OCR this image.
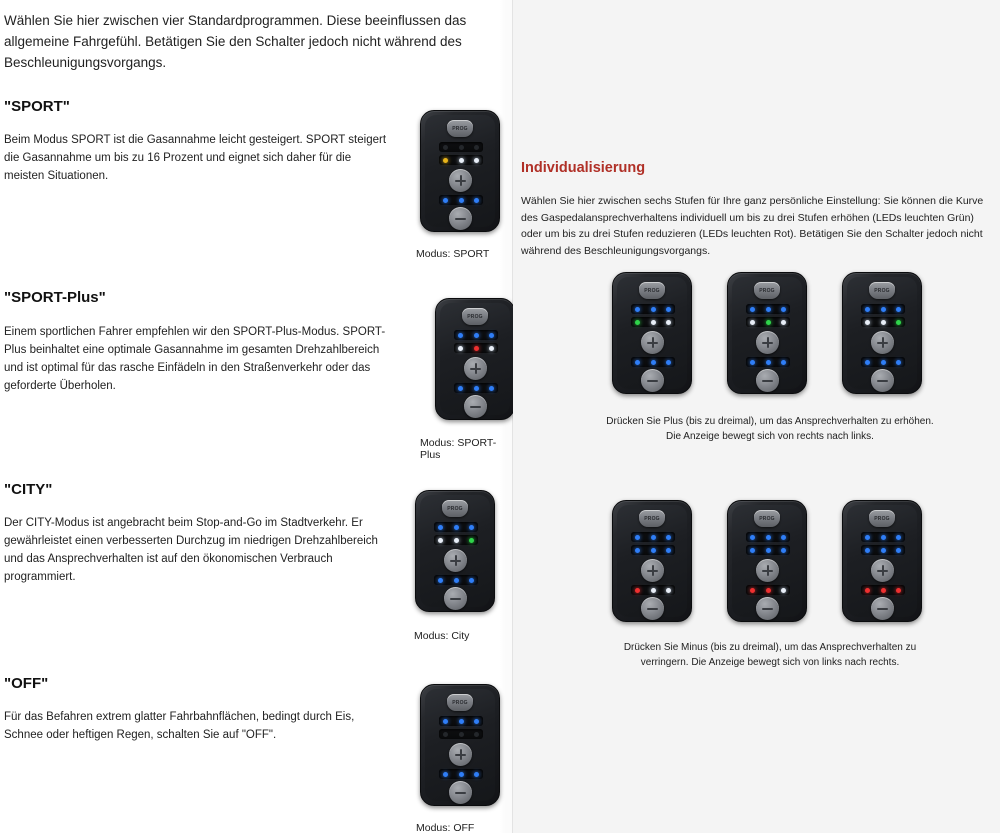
Wählen Sie hier zwischen vier Standardprogrammen. Diese beeinflussen das allgemeine Fahrgefühl. Betätigen Sie den Schalter jedoch nicht während des Beschleunigungsvorgangs.
"SPORT"
Beim Modus SPORT ist die Gasannahme leicht gesteigert. SPORT steigert die Gasannahme um bis zu 16 Prozent und eignet sich daher für die meisten Situationen.
"SPORT-Plus"
Einem sportlichen Fahrer empfehlen wir den SPORT-Plus-Modus. SPORT-Plus beinhaltet eine optimale Gasannahme im gesamten Drehzahlbereich und ist optimal für das rasche Einfädeln in den Straßenverkehr oder das geforderte Überholen.
"CITY"
Der CITY-Modus ist angebracht beim Stop-and-Go im Stadtverkehr. Er gewährleistet einen verbesserten Durchzug im niedrigen Drehzahlbereich und das Ansprechverhalten ist auf den ökonomischen Verbrauch programmiert.
"OFF"
Für das Befahren extrem glatter Fahrbahnflächen, bedingt durch Eis, Schnee oder heftigen Regen, schalten Sie auf "OFF".
PROG
Modus: SPORT
PROG
Modus: SPORT-Plus
PROG
Modus: City
PROG
Modus: OFF
Individualisierung
Wählen Sie hier zwischen sechs Stufen für Ihre ganz persönliche Einstellung: Sie können die Kurve des Gaspedalansprechverhaltens individuell um bis zu drei Stufen erhöhen (LEDs leuchten Grün) oder um bis zu drei Stufen reduzieren (LEDs leuchten Rot). Betätigen Sie den Schalter jedoch nicht während des Beschleunigungsvorgangs.
PROG	PROG	PROG
Drücken Sie Plus (bis zu dreimal), um das Ansprechverhalten zu erhöhen. Die Anzeige bewegt sich von rechts nach links.
PROG	PROG	PROG
Drücken Sie Minus (bis zu dreimal), um das Ansprechverhalten zu verringern. Die Anzeige bewegt sich von links nach rechts.
